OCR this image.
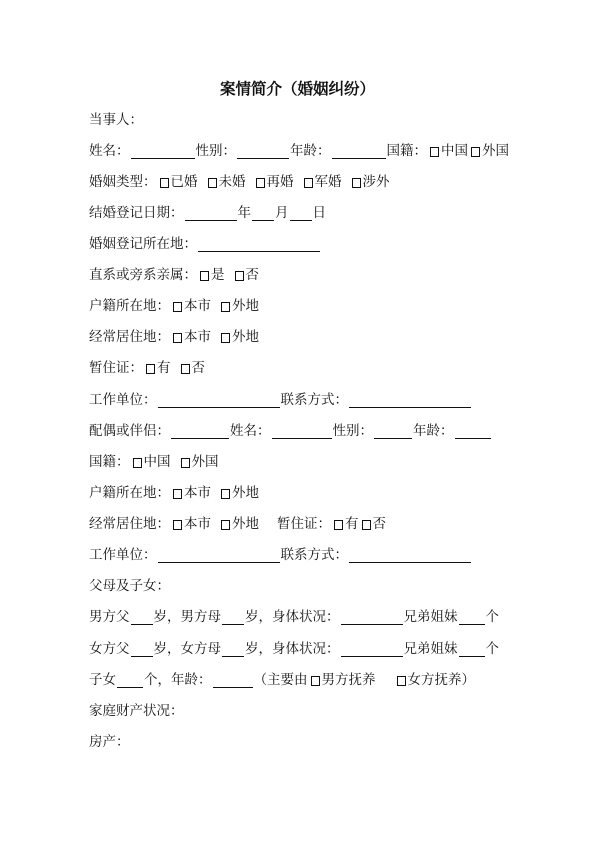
案情简介（婚姻纠纷）
当事人：
姓名：	性别：	年龄：	国籍： 中国 外国
婚姻类型： 已婚 未婚 再婚 军婚 涉外
结婚登记日期：	年 月 日
婚姻登记所在地：
直系或旁系亲属： 是 否
户籍所在地： 本市 外地
经常居住地： 本市 外地
暂住证： 有 否
工作单位：	联系方式：
配偶或伴侣：	姓名：	性别：	年龄：
国籍： 中国 外国
户籍所在地： 本市 外地
经常居住地： 本市 外地 暂住证： 有 否
工作单位：	联系方式：
父母及子女：
男方父 岁 ，男方母 岁 ，身体状况：	兄弟姐妹 个
女方父 岁 ，女方母 岁 ，身体状况：	兄弟姐妹 个
子女 个，年龄：	（主要由 男方抚养 女方抚养）
家庭财产状况：
房产：
